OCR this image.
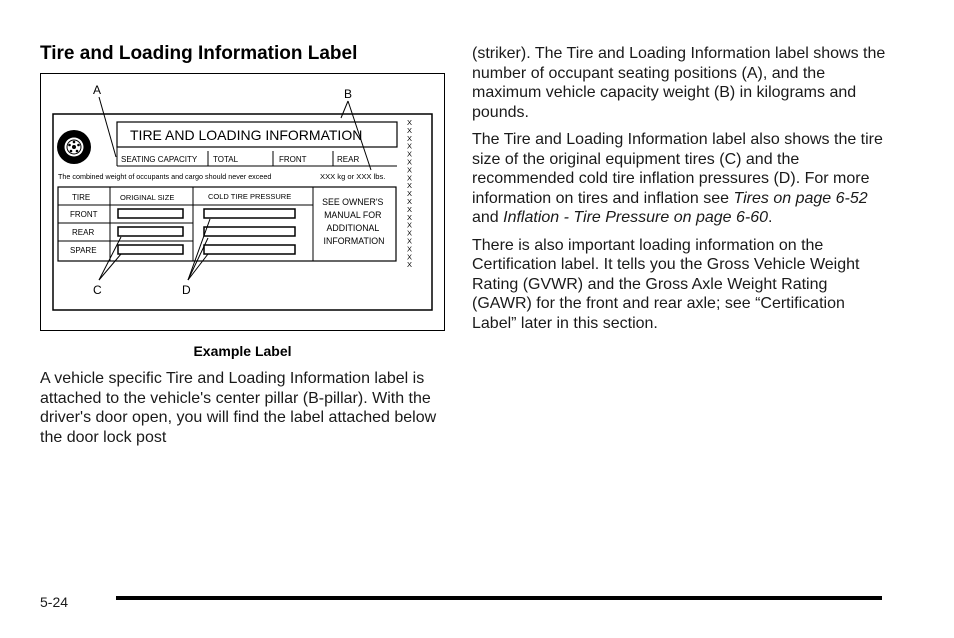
Tire and Loading Information Label
TIRE AND LOADING INFORMATION
SEATING CAPACITY TOTAL	FRONT	REAR
The combined weight of occupants and cargo should never exceed	XXX kg or XXX lbs.
TIRE	ORIGINAL SIZE	COLD TIRE PRESSURE
FRONT
REAR
SPARE
SEE OWNER'S MANUAL FOR ADDITIONAL INFORMATION
X
X
X
X
X
X
X
X
X
X
X
X
X
X
X
X
X
X
X
A	B
C	D
Example Label

A vehicle specific Tire and Loading Information label is attached to the vehicle's center pillar (B-pillar). With the driver's door open, you will find the label attached below the door lock post

(striker). The Tire and Loading Information label shows the number of occupant seating positions (A), and the maximum vehicle capacity weight (B) in kilograms and pounds.

The Tire and Loading Information label also shows the tire size of the original equipment tires (C) and the recommended cold tire inflation pressures (D). For more information on tires and inflation see Tires on page 6-52 and Inflation - Tire Pressure on page 6-60.

There is also important loading information on the Certification label. It tells you the Gross Vehicle Weight Rating (GVWR) and the Gross Axle Weight Rating (GAWR) for the front and rear axle; see “Certification Label” later in this section.

5-24
